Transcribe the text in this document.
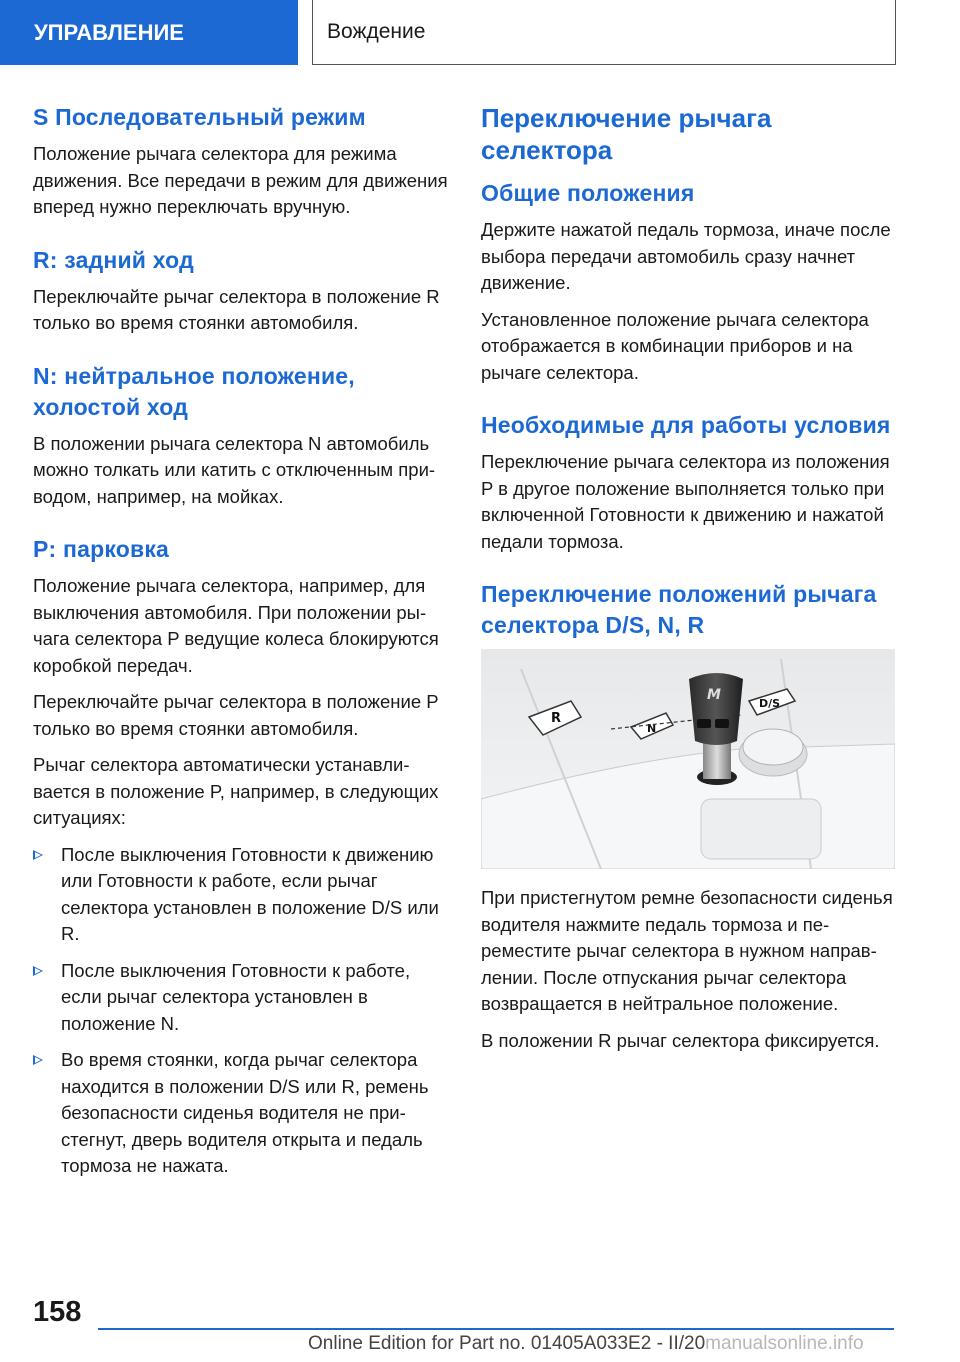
УПРАВЛЕНИЕ	Вождение
S Последовательный режим

Положение рычага селектора для режима движения. Все передачи в режим для движения вперед нужно переключать вручную.

R: задний ход

Переключайте рычаг селектора в положение R только во время стоянки автомобиля.

N: нейтральное положение, холостой ход

В положении рычага селектора N автомобиль можно толкать или катить с отключенным приводом, например, на мойках.

P: парковка

Положение рычага селектора, например, для выключения автомобиля. При положении рычага селектора P ведущие колеса блокируются коробкой передач.

Переключайте рычаг селектора в положение P только во время стоянки автомобиля.

Рычаг селектора автоматически устанавливается в положение P, например, в следующих ситуациях:

После выключения Готовности к движению или Готовности к работе, если рычаг селектора установлен в положение D/S или R.
После выключения Готовности к работе, если рычаг селектора установлен в положение N.
Во время стоянки, когда рычаг селектора находится в положении D/S или R, ремень безопасности сиденья водителя не пристегнут, дверь водителя открыта и педаль тормоза не нажата.
Переключение рычага селектора
Общие положения

Держите нажатой педаль тормоза, иначе после выбора передачи автомобиль сразу начнет движение.

Установленное положение рычага селектора отображается в комбинации приборов и на рычаге селектора.

Необходимые для работы условия

Переключение рычага селектора из положения P в другое положение выполняется только при включенной Готовности к движению и нажатой педали тормоза.

Переключение положений рычага селектора D/S, N, R
R
N
D/S
M

При пристегнутом ремне безопасности сиденья водителя нажмите педаль тормоза и переместите рычаг селектора в нужном направлении. После отпускания рычаг селектора возвращается в нейтральное положение.

В положении R рычаг селектора фиксируется.

158
Online Edition for Part no. 01405A033E2 - II/20manualsonline.info
